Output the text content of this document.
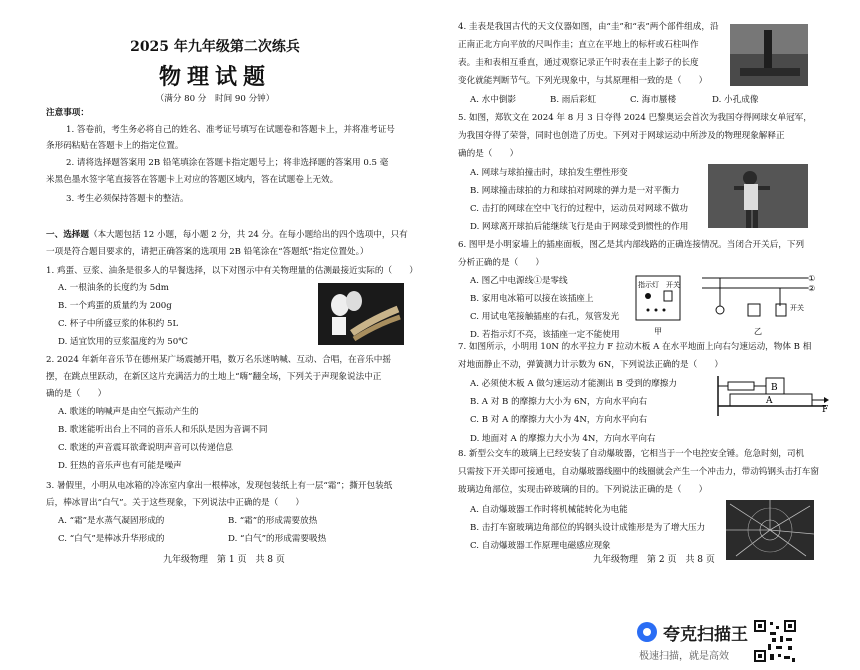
2025 年九年级第二次练兵
物理试题
（满分 80 分　时间 90 分钟）
注意事项：
1. 答卷前，考生务必将自己的姓名、准考证号填写在试题卷和答题卡上，并将准考证号
条形码粘贴在答题卡上的指定位置。
2. 请将选择题答案用 2B 铅笔填涂在答题卡指定题号上；将非选择题的答案用 0.5 毫
米黑色墨水签字笔直接答在答题卡上对应的答题区域内，答在试题卷上无效。
3. 考生必须保持答题卡的整洁。
一、选择题（本大题包括 12 小题，每小题 2 分，共 24 分。在每小题给出的四个选项中，只有
一项是符合题目要求的，请把正确答案的选项用 2B 铅笔涂在“答题纸”指定位置处。）
1. 鸡蛋、豆浆、油条是很多人的早餐选择，以下对图示中有关物理量的估测最接近实际的（　　）
A. 一根油条的长度约为 5dm
B. 一个鸡蛋的质量约为 200g
C. 杯子中所盛豆浆的体积约 5L
D. 适宜饮用的豆浆温度约为 50℃
2. 2024 年新年音乐节在德州某广场震撼开唱，数万名乐迷呐喊、互动、合唱，在音乐中摇
摆，在跳点里跃动，在新区这片充满活力的土地上“嗨”翻全场，下列关于声现象说法中正
确的是（　　）
A. 歌迷的呐喊声是由空气振动产生的
B. 歌迷能听出台上不同的音乐人和乐队是因为音调不同
C. 歌迷的声音震耳欲聋说明声音可以传递信息
D. 狂热的音乐声也有可能是噪声
3. 暑假里，小明从电冰箱的冷冻室内拿出一根棒冰，发现包装纸上有一层“霜”；撕开包装纸
后，棒冰冒出“白气”。关于这些现象，下列说法中正确的是（　　）
A. “霜”是水蒸气凝固形成的	B. “霜”的形成需要放热
C. “白气”是棒冰升华形成的	D. “白气”的形成需要吸热
九年级物理　第 1 页　共 8 页
4. 圭表是我国古代的天文仪器如图，由“圭”和“表”两个部件组成，沿
正南正北方向平放的尺叫作圭；直立在平地上的标杆或石柱叫作
表。圭和表相互垂直，通过观察记录正午时表在圭上影子的长度
变化就能判断节气。下列光现象中，与其原理相一致的是（　　）
A. 水中倒影	B. 雨后彩虹	C. 海市蜃楼	D. 小孔成像
5. 如图，郑钦文在 2024 年 8 月 3 日夺得 2024 巴黎奥运会首次为我国夺得网球女单冠军，
为我国夺得了荣誉，同时也创造了历史。下列对于网球运动中所涉及的物理现象解释正
确的是（　　）
A. 网球与球拍撞击时，球拍发生塑性形变
B. 网球撞击球拍的力和球拍对网球的弹力是一对平衡力
C. 击打的网球在空中飞行的过程中，运动员对网球不做功
D. 网球离开球拍后能继续飞行是由于网球受到惯性的作用
6. 图甲是小明家墙上的插座面板，图乙是其内部线路的正确连接情况。当闭合开关后，下列
分析正确的是（　　）
A. 图乙中电源线①是零线
B. 家用电冰箱可以接在该插座上
C. 用试电笔接触插座的右孔，氖管发光
D. 若指示灯不亮，该插座一定不能使用
指示灯 开关
甲
①
②
开关
乙
7. 如图所示，小明用 10N 的水平拉力 F 拉动木板 A 在水平地面上向右匀速运动，物体 B 相
对地面静止不动，弹簧测力计示数为 6N，下列说法正确的是（　　）
A. 必须使木板 A 做匀速运动才能测出 B 受到的摩擦力
B. A 对 B 的摩擦力大小为 6N，方向水平向右
C. B 对 A 的摩擦力大小为 4N，方向水平向右
D. 地面对 A 的摩擦力大小为 4N，方向水平向右
B
A
F
8. 新型公交车的玻璃上已经安装了自动爆玻器，它相当于一个电控安全锤。危急时刻，司机
只需按下开关即可接通电，自动爆玻器线圈中的线圈就会产生一个冲击力，带动钨钢头击打车窗
玻璃边角部位，实现击碎玻璃的目的。下列说法正确的是（　　）
A. 自动爆玻器工作时将机械能转化为电能
B. 击打车窗玻璃边角部位的钨钢头设计成锥形是为了增大压力
C. 自动爆玻器工作原理电磁感应现象
九年级物理　第 2 页　共 8 页
夸克扫描王
极速扫描，就是高效
